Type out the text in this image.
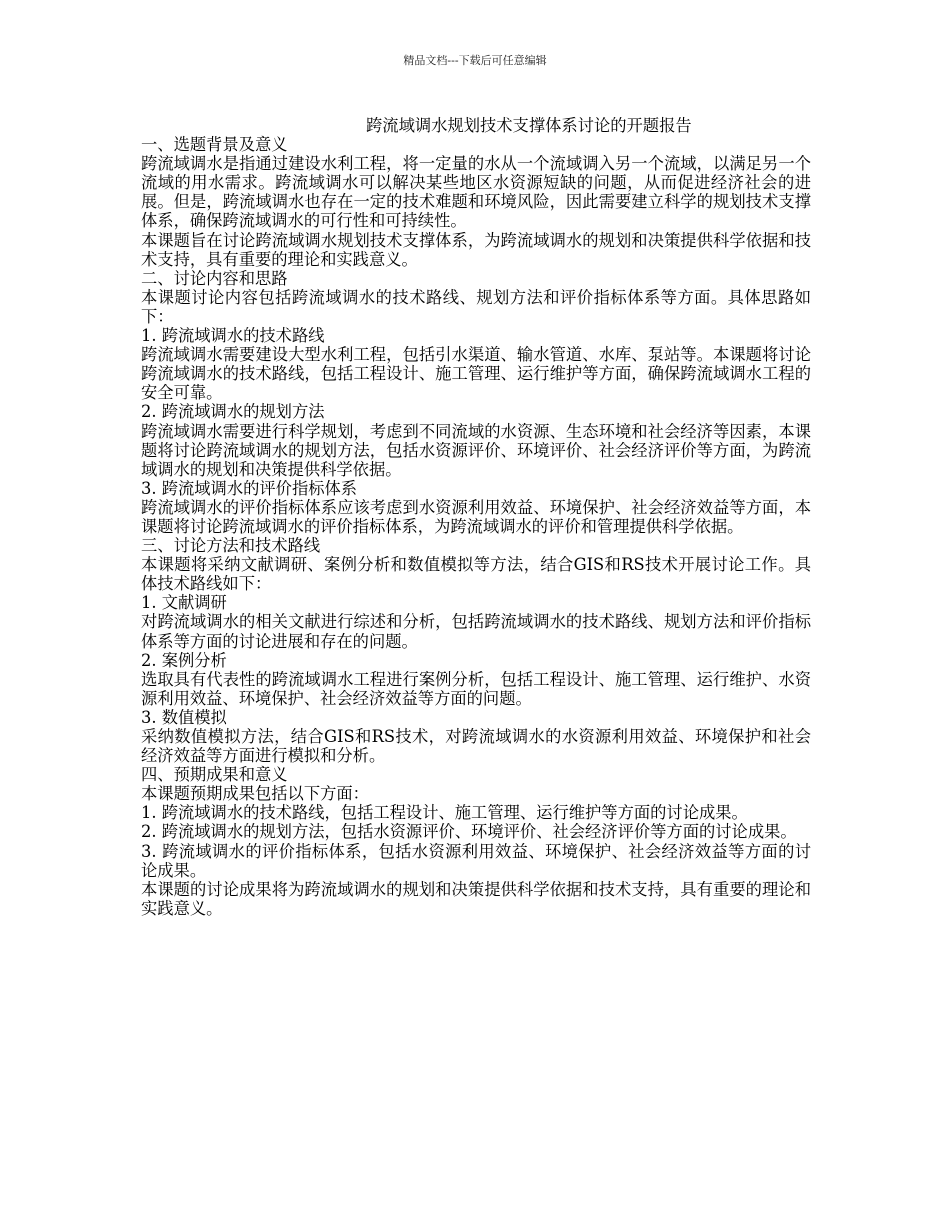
精品文档---下载后可任意编辑
跨流域调水规划技术支撑体系讨论的开题报告

一、选题背景及意义

跨流域调水是指通过建设水利工程，将一定量的水从一个流域调入另一个流域，以满足另一个流域的用水需求。跨流域调水可以解决某些地区水资源短缺的问题，从而促进经济社会的进展。但是，跨流域调水也存在一定的技术难题和环境风险，因此需要建立科学的规划技术支撑体系，确保跨流域调水的可行性和可持续性。

本课题旨在讨论跨流域调水规划技术支撑体系，为跨流域调水的规划和决策提供科学依据和技术支持，具有重要的理论和实践意义。

二、讨论内容和思路

本课题讨论内容包括跨流域调水的技术路线、规划方法和评价指标体系等方面。具体思路如下：

1. 跨流域调水的技术路线

跨流域调水需要建设大型水利工程，包括引水渠道、输水管道、水库、泵站等。本课题将讨论跨流域调水的技术路线，包括工程设计、施工管理、运行维护等方面，确保跨流域调水工程的安全可靠。

2. 跨流域调水的规划方法

跨流域调水需要进行科学规划，考虑到不同流域的水资源、生态环境和社会经济等因素，本课题将讨论跨流域调水的规划方法，包括水资源评价、环境评价、社会经济评价等方面，为跨流域调水的规划和决策提供科学依据。

3. 跨流域调水的评价指标体系

跨流域调水的评价指标体系应该考虑到水资源利用效益、环境保护、社会经济效益等方面，本课题将讨论跨流域调水的评价指标体系，为跨流域调水的评价和管理提供科学依据。

三、讨论方法和技术路线

本课题将采纳文献调研、案例分析和数值模拟等方法，结合GIS和RS技术开展讨论工作。具体技术路线如下：

1. 文献调研

对跨流域调水的相关文献进行综述和分析，包括跨流域调水的技术路线、规划方法和评价指标体系等方面的讨论进展和存在的问题。

2. 案例分析

选取具有代表性的跨流域调水工程进行案例分析，包括工程设计、施工管理、运行维护、水资源利用效益、环境保护、社会经济效益等方面的问题。

3. 数值模拟

采纳数值模拟方法，结合GIS和RS技术，对跨流域调水的水资源利用效益、环境保护和社会经济效益等方面进行模拟和分析。

四、预期成果和意义

本课题预期成果包括以下方面：

1. 跨流域调水的技术路线，包括工程设计、施工管理、运行维护等方面的讨论成果。

2. 跨流域调水的规划方法，包括水资源评价、环境评价、社会经济评价等方面的讨论成果。

3. 跨流域调水的评价指标体系，包括水资源利用效益、环境保护、社会经济效益等方面的讨论成果。

本课题的讨论成果将为跨流域调水的规划和决策提供科学依据和技术支持，具有重要的理论和实践意义。
